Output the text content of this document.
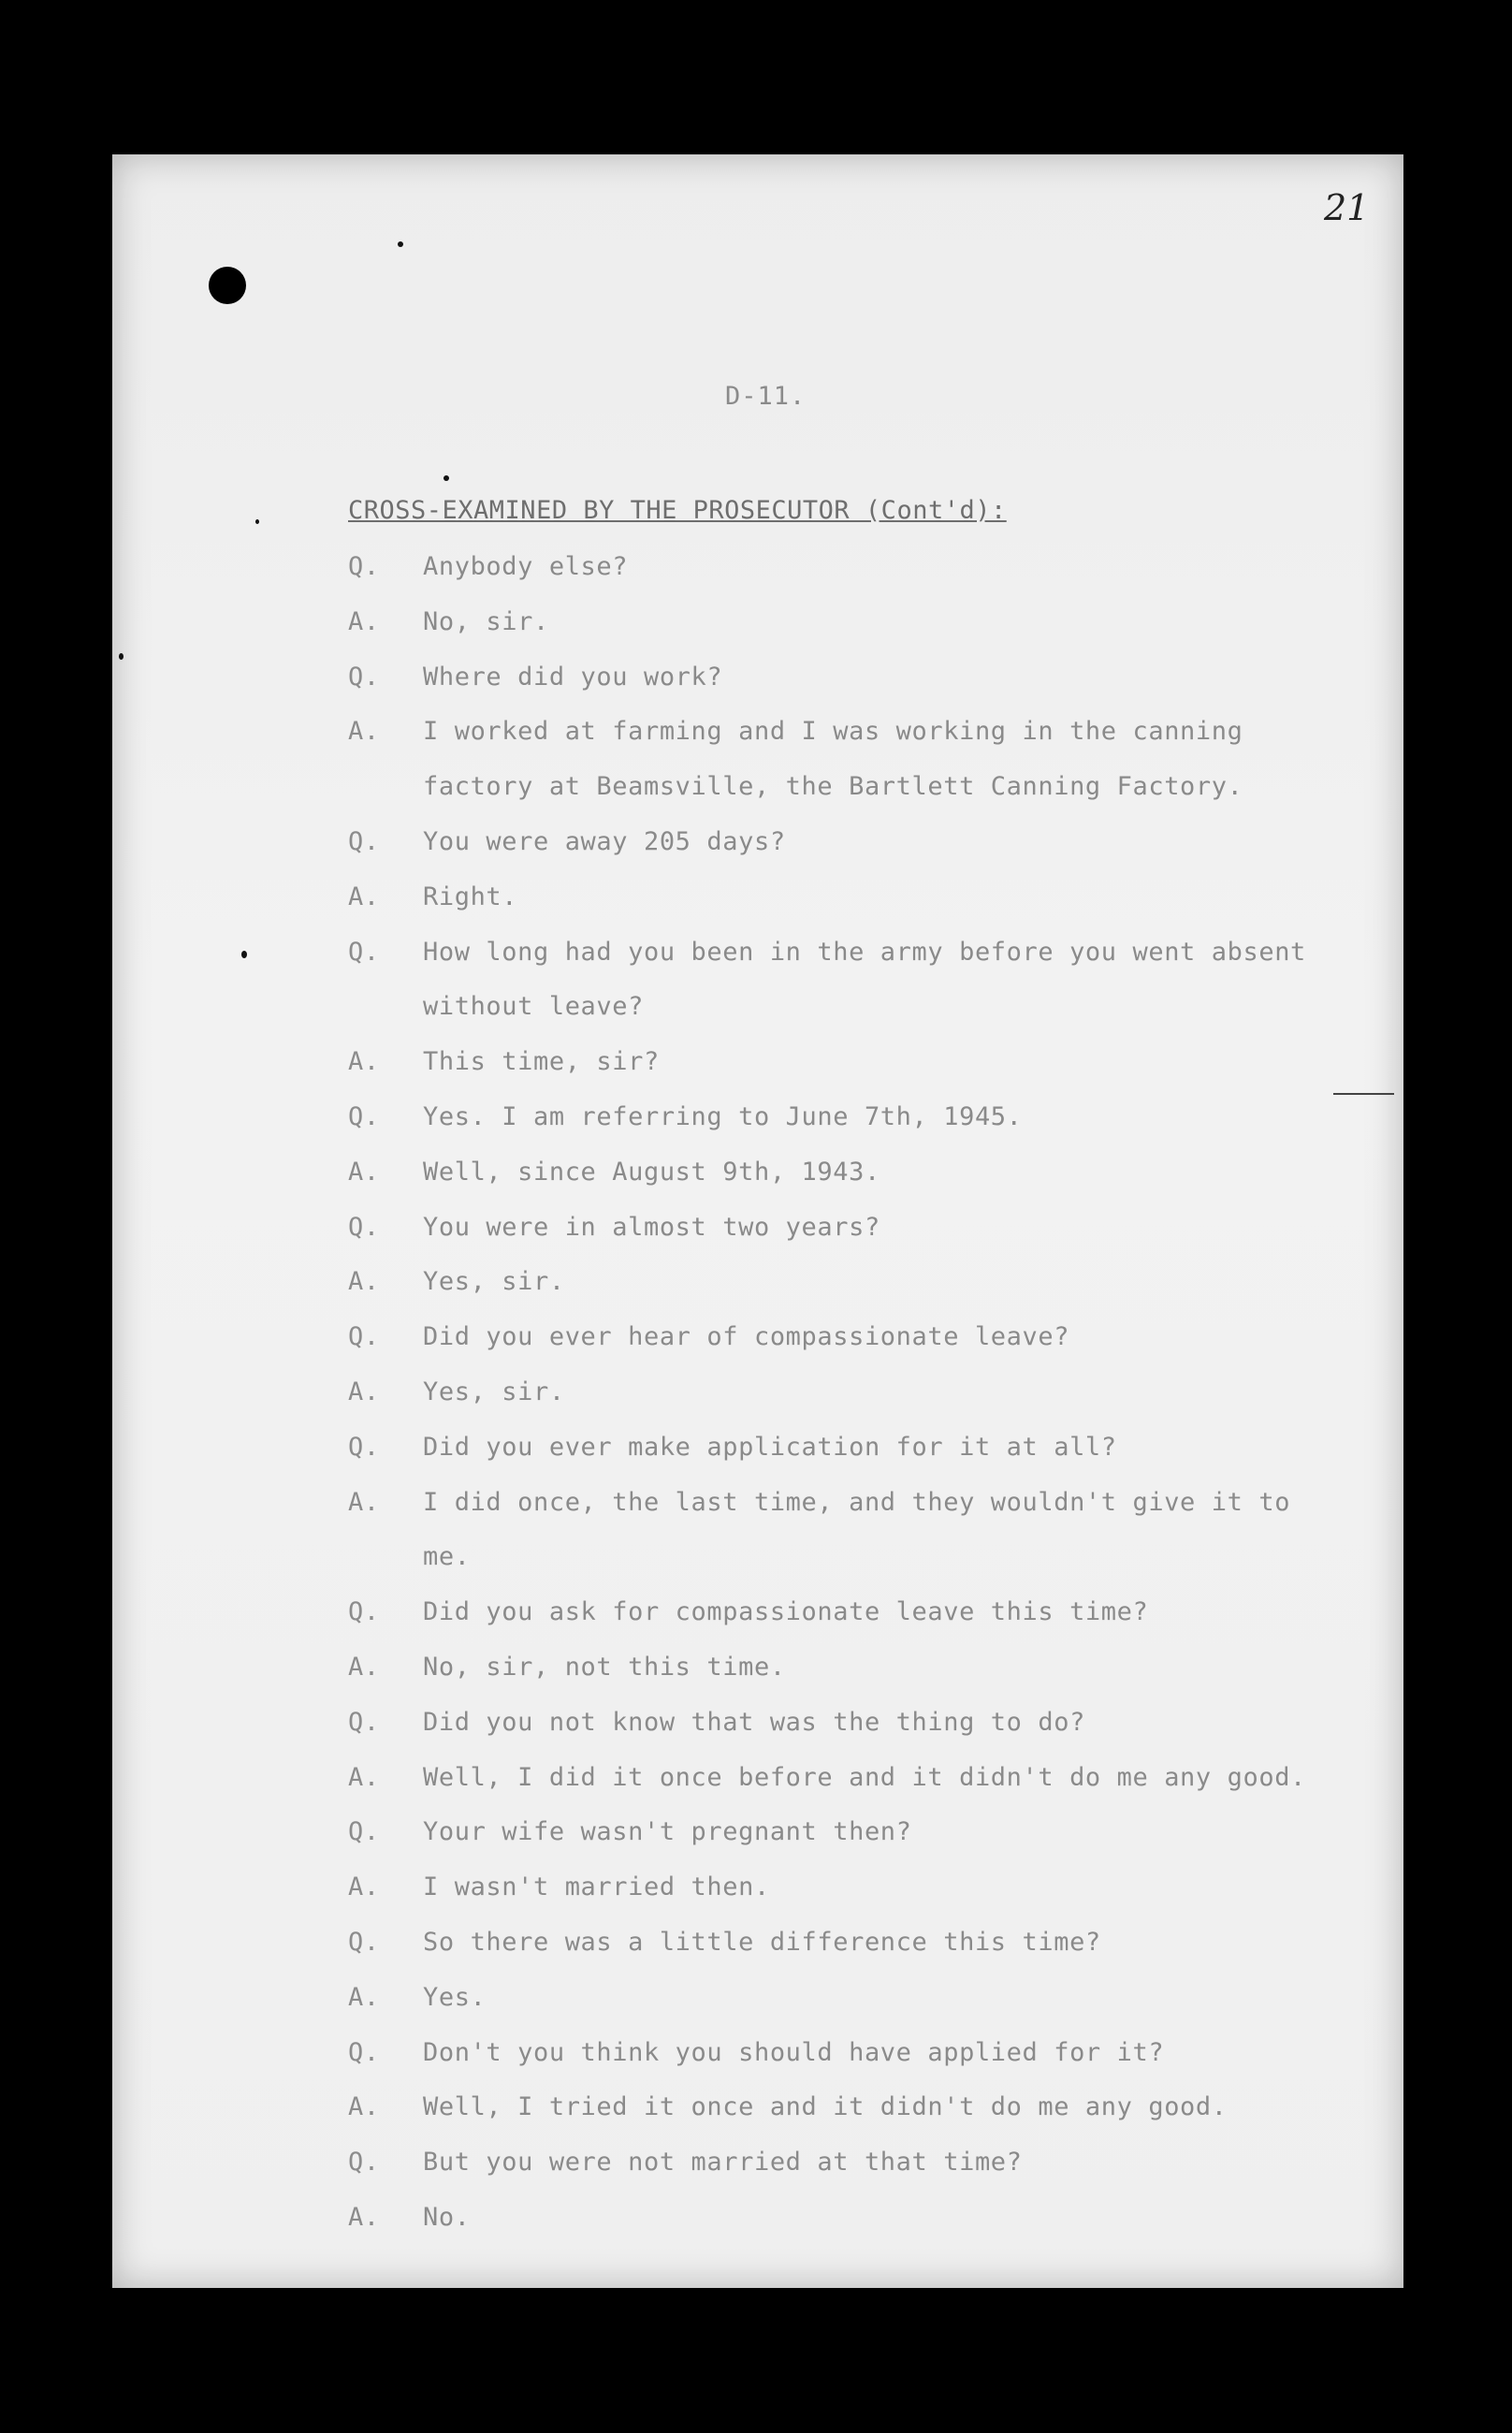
21
D-11.
CROSS-EXAMINED BY THE PROSECUTOR (Cont'd):
Q. Anybody else?
A. No, sir.
Q. Where did you work?
A. I worked at farming and I was working in the canning
factory at Beamsville, the Bartlett Canning Factory.
Q. You were away 205 days?
A. Right.
Q. How long had you been in the army before you went absent
without leave?
A. This time, sir?
Q. Yes. I am referring to June 7th, 1945.
A. Well, since August 9th, 1943.
Q. You were in almost two years?
A. Yes, sir.
Q. Did you ever hear of compassionate leave?
A. Yes, sir.
Q. Did you ever make application for it at all?
A. I did once, the last time, and they wouldn't give it to
me.
Q. Did you ask for compassionate leave this time?
A. No, sir, not this time.
Q. Did you not know that was the thing to do?
A. Well, I did it once before and it didn't do me any good.
Q. Your wife wasn't pregnant then?
A. I wasn't married then.
Q. So there was a little difference this time?
A. Yes.
Q. Don't you think you should have applied for it?
A. Well, I tried it once and it didn't do me any good.
Q. But you were not married at that time?
A. No.
